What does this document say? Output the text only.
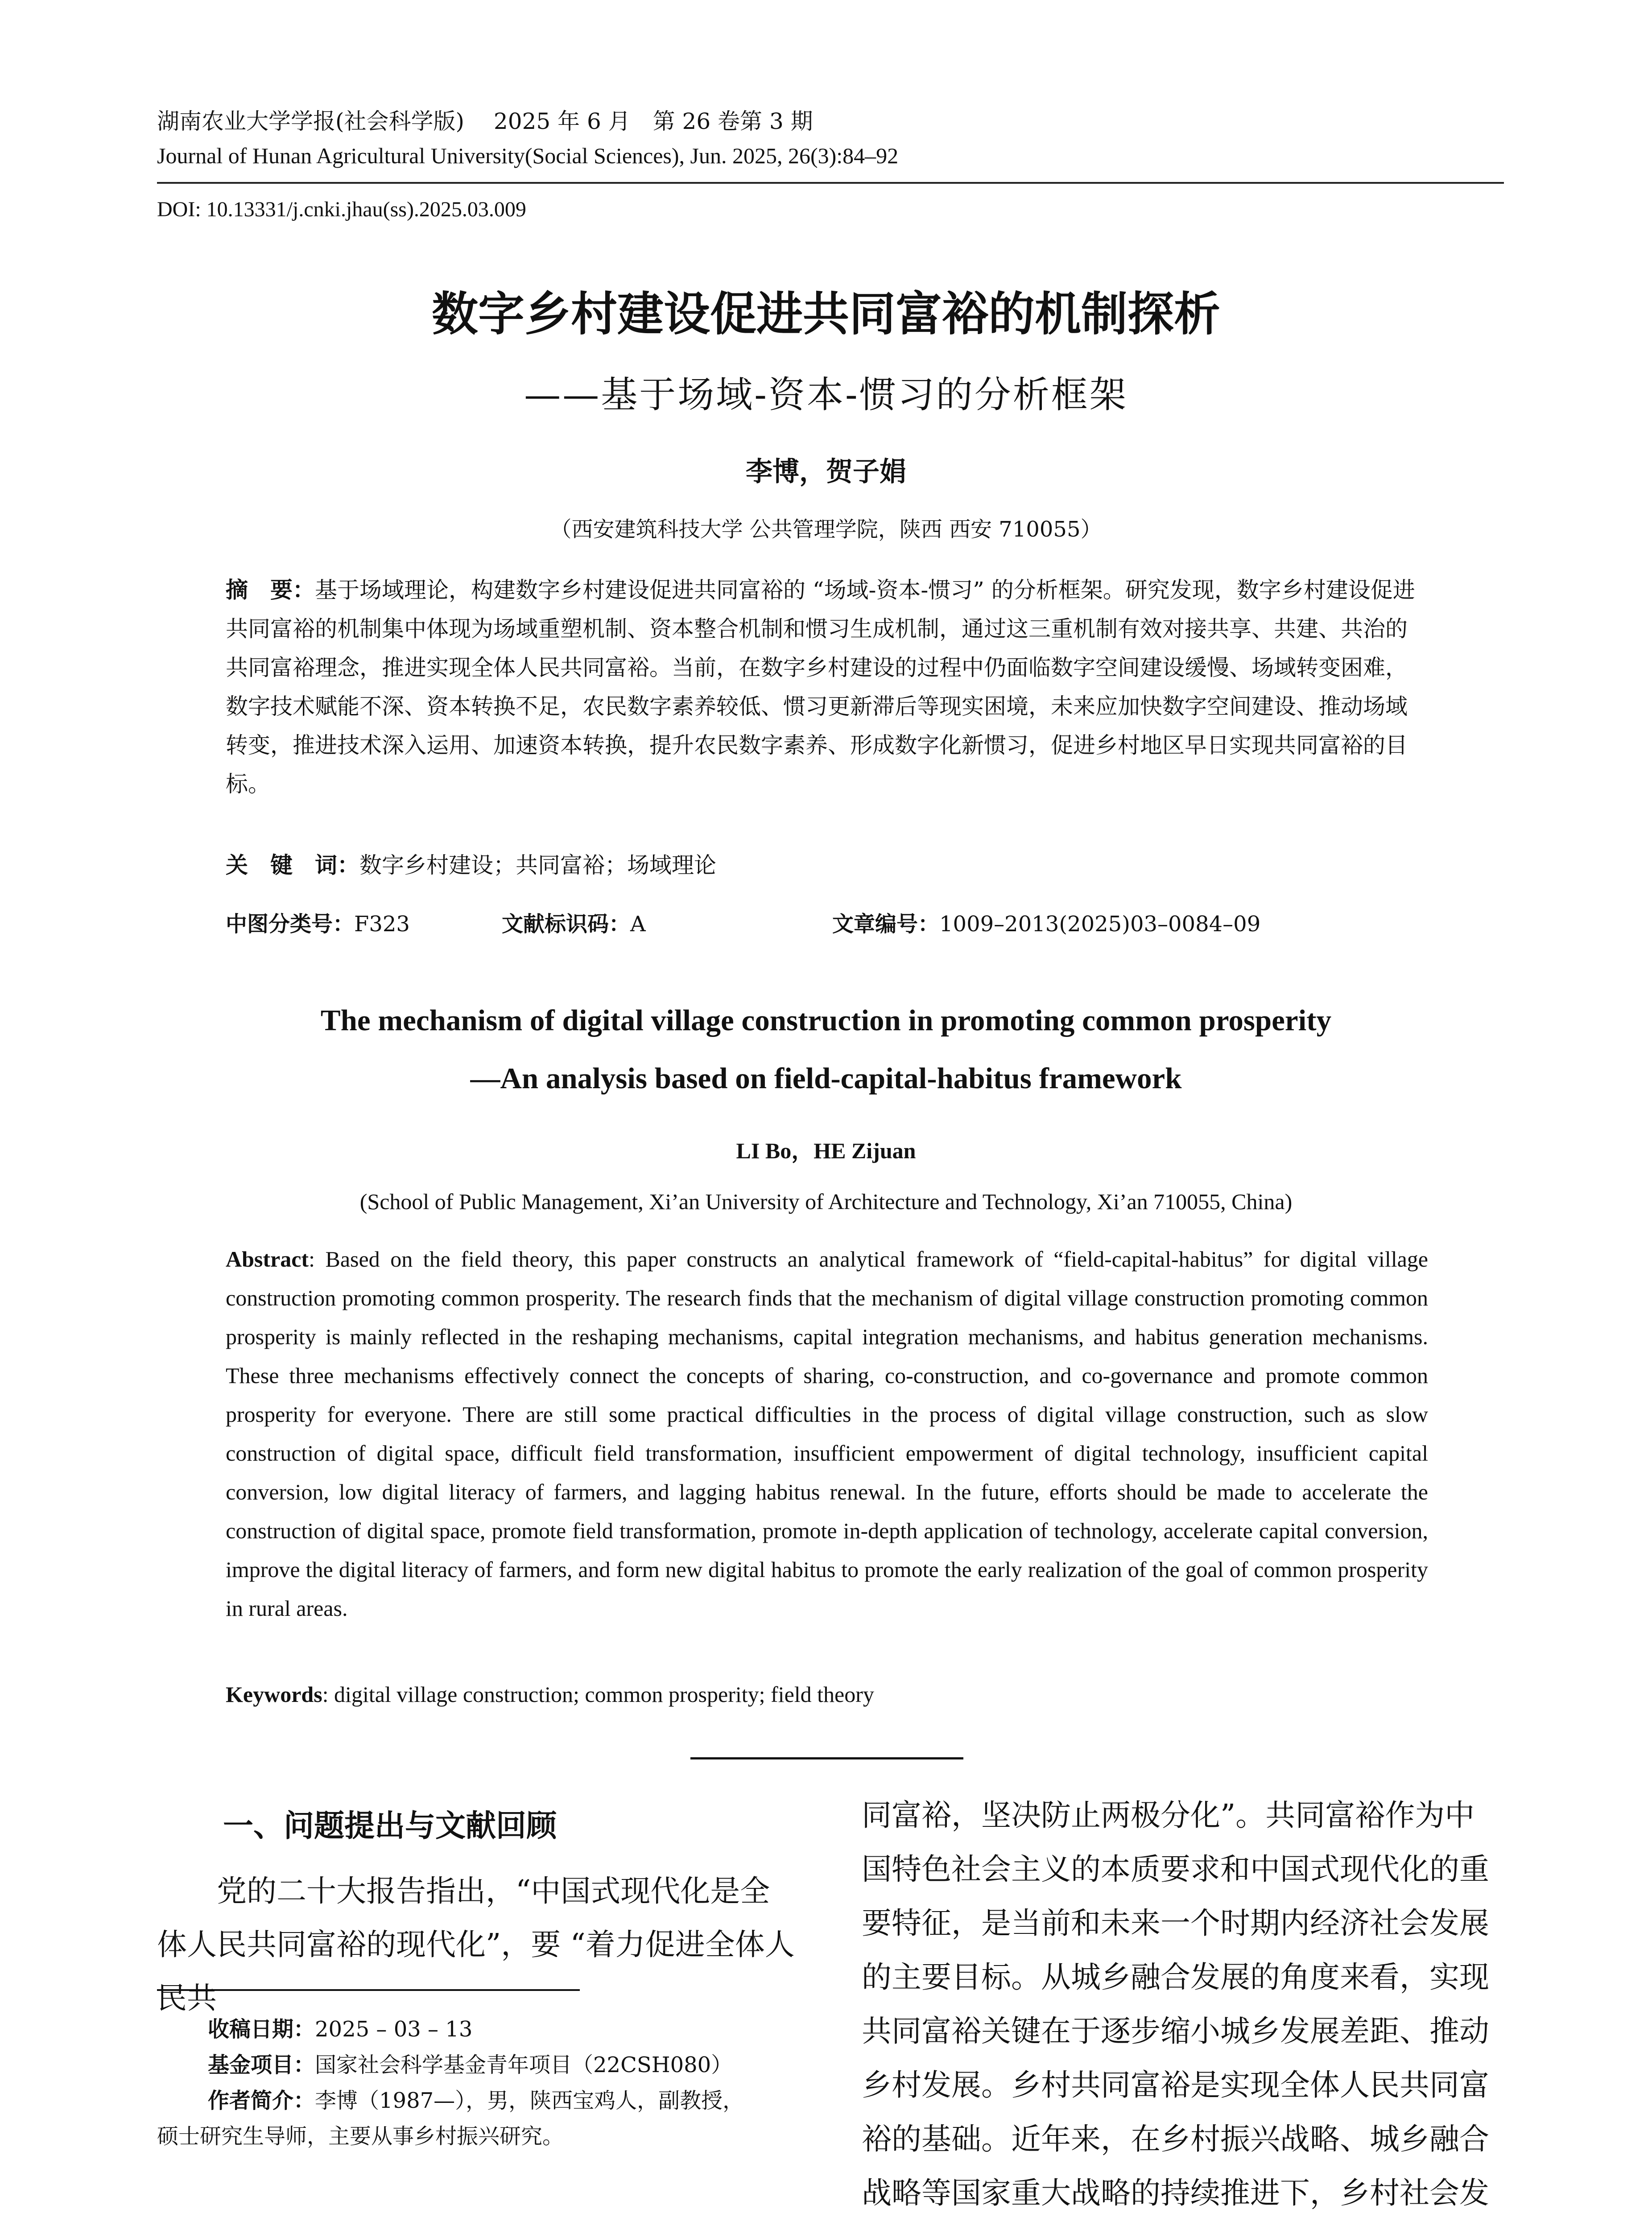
湖南农业大学学报(社会科学版)　 2025 年 6 月　第 26 卷第 3 期
Journal of Hunan Agricultural University(Social Sciences), Jun. 2025, 26(3):84–92
DOI: 10.13331/j.cnki.jhau(ss).2025.03.009
数字乡村建设促进共同富裕的机制探析
——基于场域-资本-惯习的分析框架
李博，贺子娟
（西安建筑科技大学 公共管理学院，陕西 西安 710055）
摘　要：基于场域理论，构建数字乡村建设促进共同富裕的 “场域-资本-惯习” 的分析框架。研究发现，数字乡村建设促进共同富裕的机制集中体现为场域重塑机制、资本整合机制和惯习生成机制，通过这三重机制有效对接共享、共建、共治的共同富裕理念，推进实现全体人民共同富裕。当前，在数字乡村建设的过程中仍面临数字空间建设缓慢、场域转变困难，数字技术赋能不深、资本转换不足，农民数字素养较低、惯习更新滞后等现实困境，未来应加快数字空间建设、推动场域转变，推进技术深入运用、加速资本转换，提升农民数字素养、形成数字化新惯习，促进乡村地区早日实现共同富裕的目标。
关　键　词：数字乡村建设；共同富裕；场域理论
中图分类号：F323	文献标识码：A	文章编号：1009–2013(2025)03–0084–09
The mechanism of digital village construction in promoting common prosperity
—An analysis based on field-capital-habitus framework
LI Bo，HE Zijuan
(School of Public Management, Xi’an University of Architecture and Technology, Xi’an 710055, China)
Abstract: Based on the field theory, this paper constructs an analytical framework of “field-capital-habitus” for digital village construction promoting common prosperity. The research finds that the mechanism of digital village construction promoting common prosperity is mainly reflected in the reshaping mechanisms, capital integration mechanisms, and habitus generation mechanisms. These three mechanisms effectively connect the concepts of sharing, co-construction, and co-governance and promote common prosperity for everyone. There are still some practical difficulties in the process of digital village construction, such as slow construction of digital space, difficult field transformation, insufficient empowerment of digital technology, insufficient capital conversion, low digital literacy of farmers, and lagging habitus renewal. In the future, efforts should be made to accelerate the construction of digital space, promote field transformation, promote in-depth application of technology, accelerate capital conversion, improve the digital literacy of farmers, and form new digital habitus to promote the early realization of the goal of common prosperity in rural areas.
Keywords: digital village construction; common prosperity; field theory
一、问题提出与文献回顾
党的二十大报告指出，“中国式现代化是全体人民共同富裕的现代化”，要 “着力促进全体人民共
收稿日期：2025 – 03 – 13
基金项目：国家社会科学基金青年项目（22CSH080）
作者简介：李博（1987—），男，陕西宝鸡人，副教授，
硕士研究生导师，主要从事乡村振兴研究。
同富裕，坚决防止两极分化”。共同富裕作为中国特色社会主义的本质要求和中国式现代化的重要特征，是当前和未来一个时期内经济社会发展的主要目标。从城乡融合发展的角度来看，实现共同富裕关键在于逐步缩小城乡发展差距、推动乡村发展。乡村共同富裕是实现全体人民共同富裕的基础。近年来，在乡村振兴战略、城乡融合战略等国家重大战略的持续推进下，乡村社会发
